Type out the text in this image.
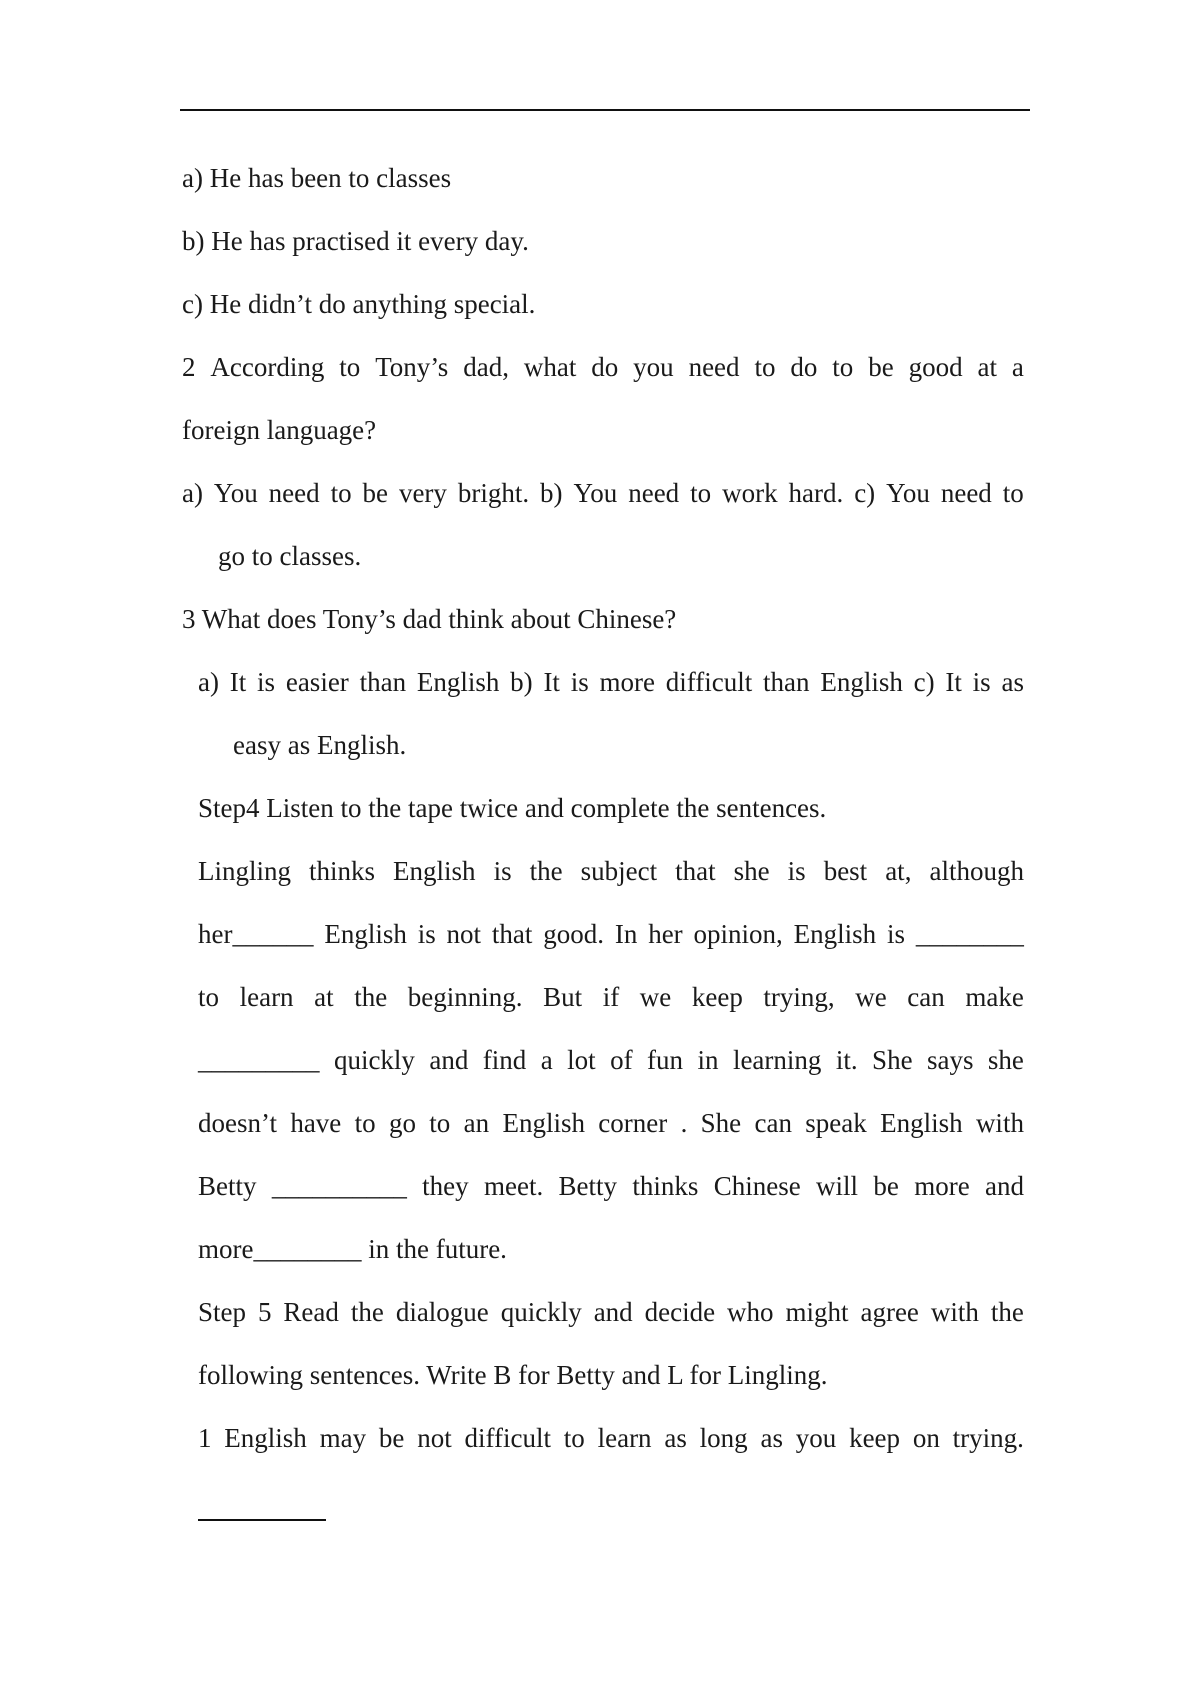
a) He has been to classes
b) He has practised it every day.
c) He didn’t do anything special.
2 According to Tony’s dad, what do you need to do to be good at a
foreign language?
a) You need to be very bright. b) You need to work hard. c) You need to
go to classes.
3 What does Tony’s dad think about Chinese?
a) It is easier than English b) It is more difficult than English c) It is as
easy as English.
Step4 Listen to the tape twice and complete the sentences.
Lingling thinks English is the subject that she is best at, although
her______ English is not that good. In her opinion, English is ________
to learn at the beginning. But if we keep trying, we can make
_________ quickly and find a lot of fun in learning it. She says she
doesn’t have to go to an English corner . She can speak English with
Betty __________ they meet. Betty thinks Chinese will be more and
more________ in the future.
Step 5 Read the dialogue quickly and decide who might agree with the
following sentences. Write B for Betty and L for Lingling.
1 English may be not difficult to learn as long as you keep on trying.
